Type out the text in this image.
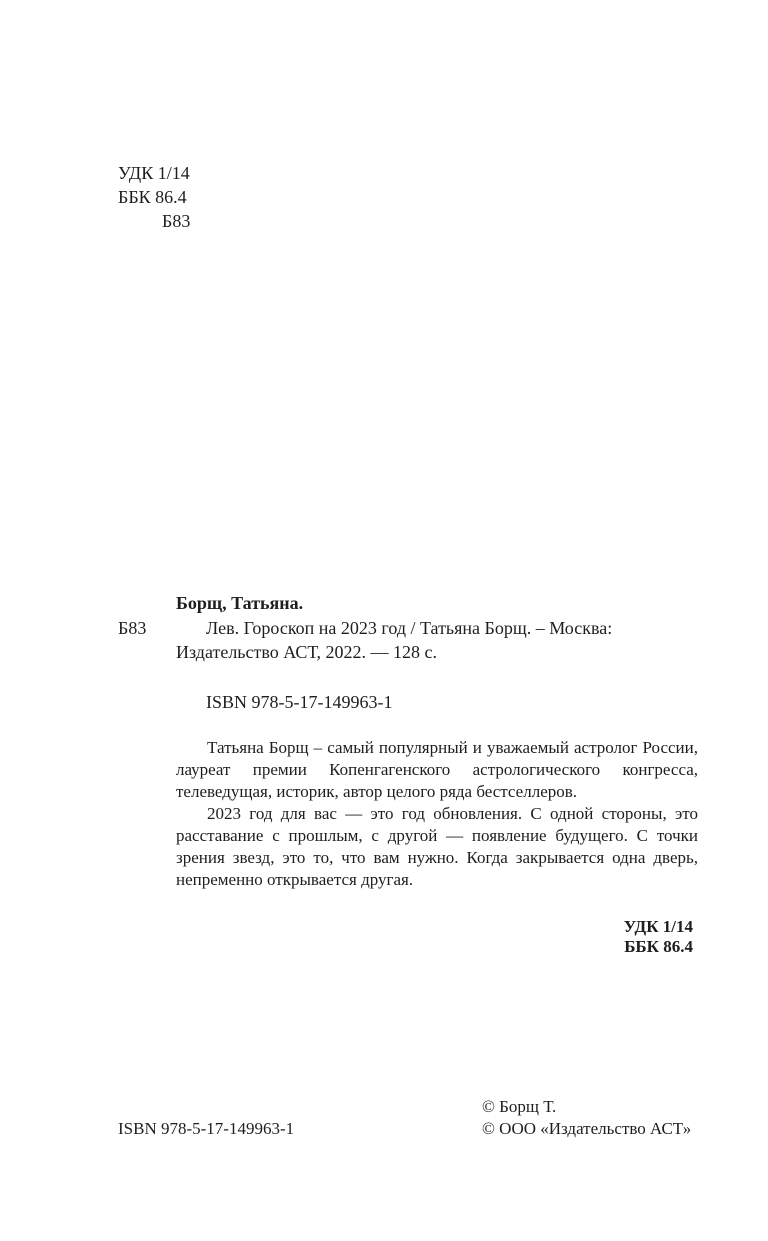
УДК 1/14
ББК 86.4
Б83
Борщ, Татьяна.
Б83	Лев. Гороскоп на 2023 год / Татьяна Борщ. – Москва:
Издательство АСТ, 2022. — 128 с.
ISBN 978-5-17-149963-1

Татьяна Борщ – самый популярный и уважаемый астролог России, лауреат премии Копенгагенского астрологического конгресса, телеведущая, историк, автор целого ряда бестселлеров.

2023 год для вас — это год обновления. С одной стороны, это расставание с прошлым, с другой — появление будущего. С точки зрения звезд, это то, что вам нужно. Когда закрывается одна дверь, непременно открывается другая.

УДК 1/14
ББК 86.4
ISBN 978-5-17-149963-1
© Борщ Т.
© ООО «Издательство АСТ»
